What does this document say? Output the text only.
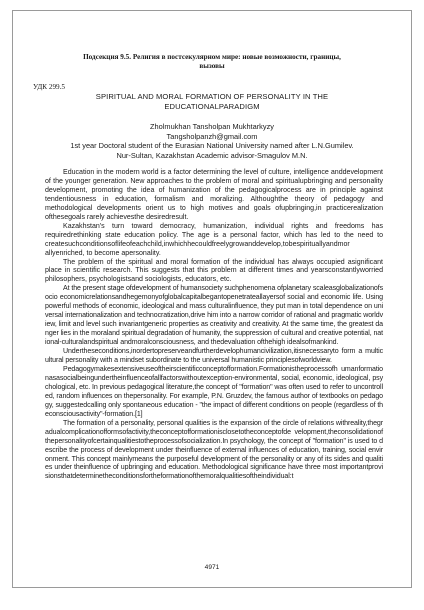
Подсекция 9.5. Религия в постсекулярном мире: новые возможности, границы,
вызовы
УДК 299.5
SPIRITUAL AND MORAL FORMATION OF PERSONALITY IN THE
EDUCATIONALPARADIGM
Zholmukhan Tansholpan Mukhtarkyzy
Tangsholpanzh@gmail.com
1st year Doctoral student of the Eurasian National University named after L.N.Gumilev.
Nur-Sultan, Kazakhstan Academic advisor-Smagulov M.N.

Education in the modern world is a factor determining the level of culture, intelligence anddevelopment of the younger generation. New approaches to the problem of moral and spiritualupbringing and personality development, promoting the idea of humanization of the pedagogicalprocess are in principle against tendentiousness in education, formalism and moralizing. Althoughthe theory of pedagogy and methodological developments orient us to high motives and goals ofupbringing,in practicerealization ofthesegoals rarely achievesthe desiredresult.

Kazakhstan's turn toward democracy, humanization, individual rights and freedoms has requiredrethinking state education policy. The age is a personal factor, which has led to the need to createsuchconditionsoflifeofeachchild,inwhichhecouldfreelygrowanddevelop,tobespirituallyandmor allyenriched, to become apersonality.

The problem of the spiritual and moral formation of the individual has always occupied asignificant place in scientific research. This suggests that this problem at different times and yearsconstantlyworried philosophers, psychologistsand sociologists, educators, etc.

At the present stage ofdevelopment of humansociety suchphenomena ofplanetary scaleasglobalizationofsocio economicrelationsandhegemonyofglobalcapitalbegantopenetrateallayersof social and economic life. Using powerful methods of economic, ideological and mass culturalinfluence, they put man in total dependence on universal internationalization and technocratization,drive him into a narrow corridor of rational and pragmatic worldview, limit and level such invariantgeneric properties as creativity and creativity. At the same time, the greatest danger lies in the moraland spiritual degradation of humanity, the suppression of cultural and creative potential, national-culturalandspiritual andmoralconsciousness, and thedevaluation ofthehigh idealsofmankind.

Undertheseconditions,inordertopreserveandfurtherdevelophumancivilization,itisnecessaryto form a multicultural personality with a mindset subordinate to the universal humanistic principlesofworldview.

Pedagogymakesextensiveuseoftheirscientificconceptofformation.Formationistheprocessofh umanformationasasocialbeingundertheinfluenceofallfactorswithoutexception-environmental, social, economic, ideological, psychological, etc. In previous pedagogical literature,the concept of "formation" was often used to refer to uncontrolled, random influences on thepersonality. For example, P.N. Gruzdev, the famous author of textbooks on pedagogy, suggestedcalling only spontaneous education - "the impact of different conditions on people (regardless of theconsciousactivity"-formation.[1]

The formation of a personality, personal qualities is the expansion of the circle of relations withreality,thegradualcomplicationofformsofactivity,theconceptofformationisclosetotheconceptofde velopment,theconsolidationofthepersonalityofcertainqualitiestotheprocessofsocialization.In psychology, the concept of "formation" is used to describe the process of development under theinfluence of external influences of education, training, social environment. This concept mainlymeans the purposeful development of the personality or any of its sides and qualities under theinfluence of upbringing and education. Methodological significance have three most importantprovisionsthatdeterminetheconditionsfortheformationofthemoralqualitiesoftheindividual:t

4971
